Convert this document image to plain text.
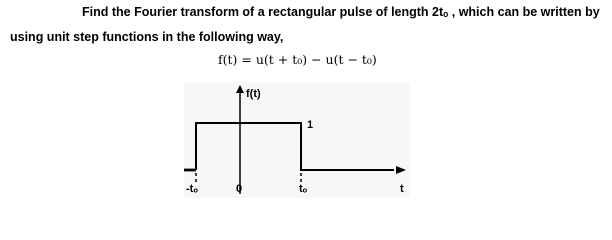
Find the Fourier transform of a rectangular pulse of length 2tₒ , which can be written by
using unit step functions in the following way,
f(t) = u(t + t₀) − u(t − t₀)
f(t)
1
-tₒ	0	tₒ	t
